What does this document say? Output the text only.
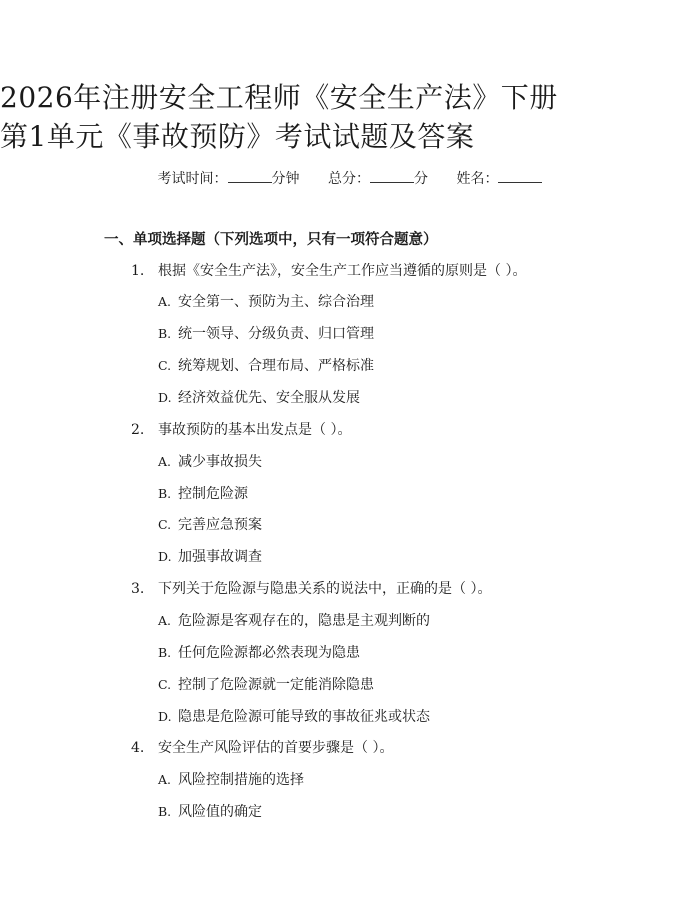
2026年注册安全工程师《安全生产法》下册
第1单元《事故预防》考试试题及答案
考试时间：	分钟 总分：	分 姓名：
一、单项选择题（下列选项中，只有一项符合题意）
1. 根据《安全生产法》，安全生产工作应当遵循的原则是（ ）。
A. 安全第一、预防为主、综合治理
B. 统一领导、分级负责、归口管理
C. 统筹规划、合理布局、严格标准
D. 经济效益优先、安全服从发展
2. 事故预防的基本出发点是（ ）。
A. 减少事故损失
B. 控制危险源
C. 完善应急预案
D. 加强事故调查
3. 下列关于危险源与隐患关系的说法中，正确的是（ ）。
A. 危险源是客观存在的，隐患是主观判断的
B. 任何危险源都必然表现为隐患
C. 控制了危险源就一定能消除隐患
D. 隐患是危险源可能导致的事故征兆或状态
4. 安全生产风险评估的首要步骤是（ ）。
A. 风险控制措施的选择
B. 风险值的确定
